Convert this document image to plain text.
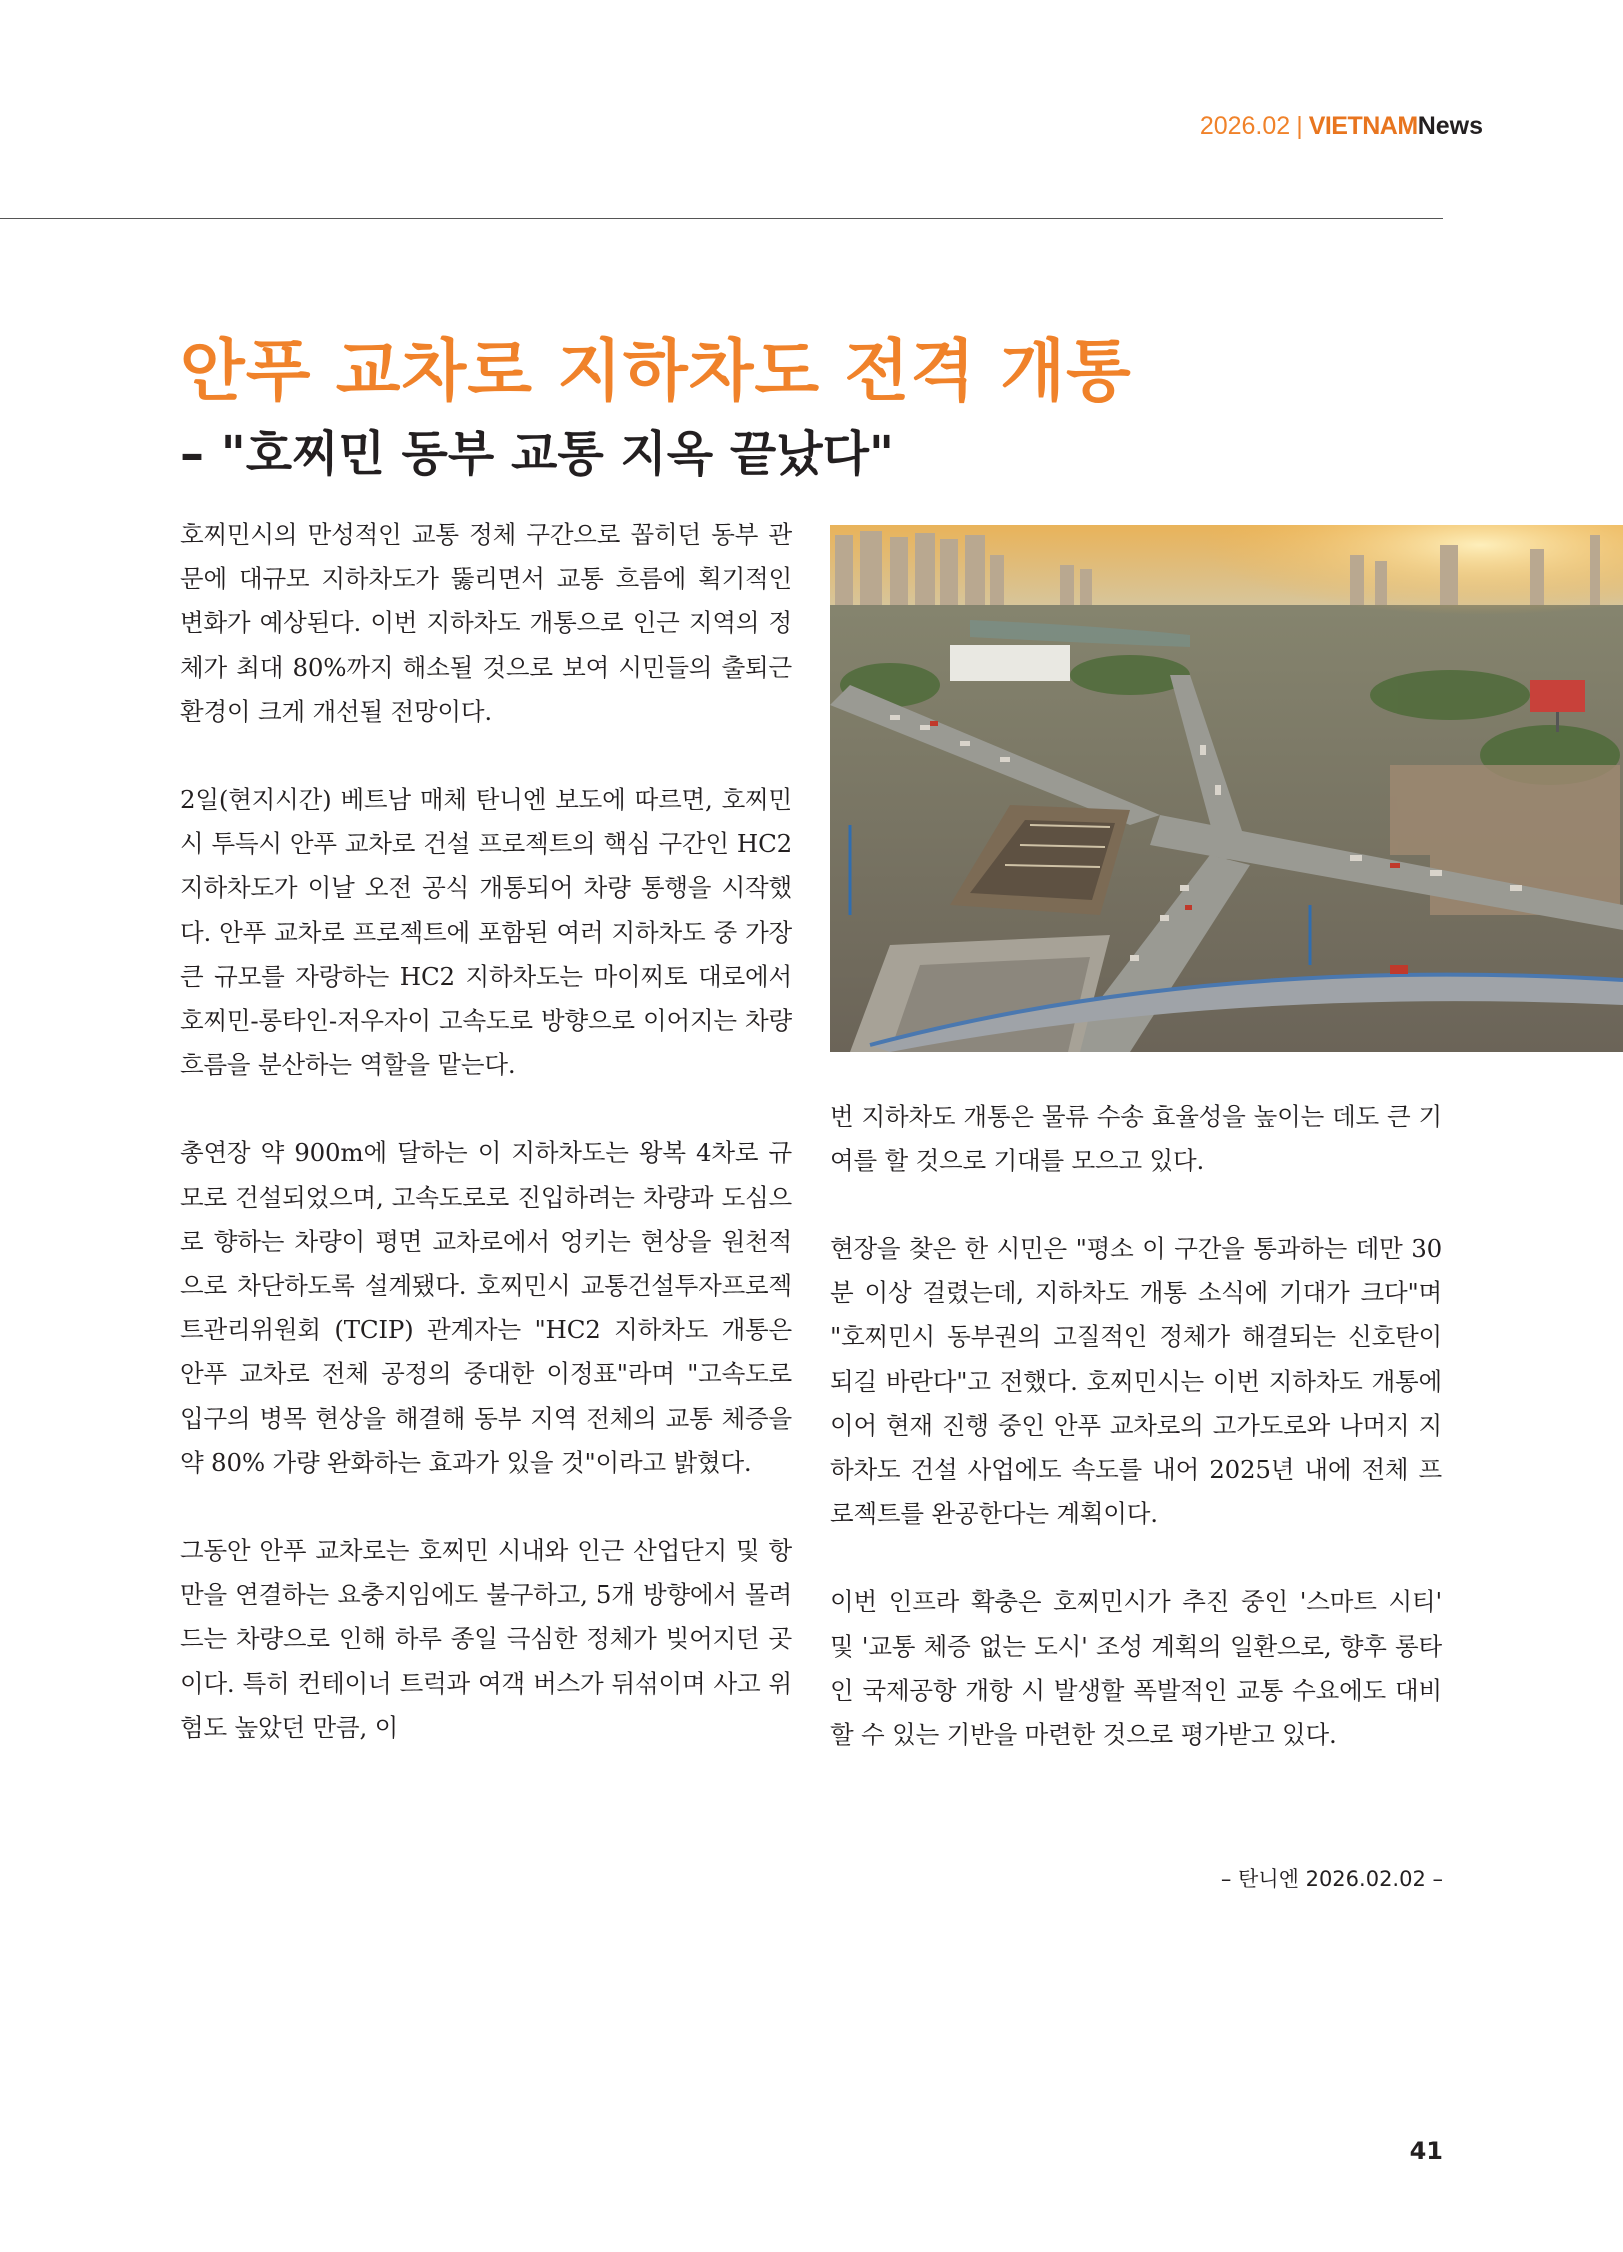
2026.02 | VIETNAMNews
안푸 교차로 지하차도 전격 개통
– "호찌민 동부 교통 지옥 끝났다"

호찌민시의 만성적인 교통 정체 구간으로 꼽히던 동부 관문에 대규모 지하차도가 뚫리면서 교통 흐름에 획기적인 변화가 예상된다. 이번 지하차도 개통으로 인근 지역의 정체가 최대 80%까지 해소될 것으로 보여 시민들의 출퇴근 환경이 크게 개선될 전망이다.

2일(현지시간) 베트남 매체 탄니엔 보도에 따르면, 호찌민시 투득시 안푸 교차로 건설 프로젝트의 핵심 구간인 HC2 지하차도가 이날 오전 공식 개통되어 차량 통행을 시작했다. 안푸 교차로 프로젝트에 포함된 여러 지하차도 중 가장 큰 규모를 자랑하는 HC2 지하차도는 마이찌토 대로에서 호찌민-롱타인-저우자이 고속도로 방향으로 이어지는 차량 흐름을 분산하는 역할을 맡는다.

총연장 약 900m에 달하는 이 지하차도는 왕복 4차로 규모로 건설되었으며, 고속도로로 진입하려는 차량과 도심으로 향하는 차량이 평면 교차로에서 엉키는 현상을 원천적으로 차단하도록 설계됐다. 호찌민시 교통건설투자프로젝트관리위원회 (TCIP) 관계자는 "HC2 지하차도 개통은 안푸 교차로 전체 공정의 중대한 이정표"라며 "고속도로 입구의 병목 현상을 해결해 동부 지역 전체의 교통 체증을 약 80% 가량 완화하는 효과가 있을 것"이라고 밝혔다.

그동안 안푸 교차로는 호찌민 시내와 인근 산업단지 및 항만을 연결하는 요충지임에도 불구하고, 5개 방향에서 몰려드는 차량으로 인해 하루 종일 극심한 정체가 빚어지던 곳이다. 특히 컨테이너 트럭과 여객 버스가 뒤섞이며 사고 위험도 높았던 만큼, 이

번 지하차도 개통은 물류 수송 효율성을 높이는 데도 큰 기여를 할 것으로 기대를 모으고 있다.

현장을 찾은 한 시민은 "평소 이 구간을 통과하는 데만 30분 이상 걸렸는데, 지하차도 개통 소식에 기대가 크다"며 "호찌민시 동부권의 고질적인 정체가 해결되는 신호탄이 되길 바란다"고 전했다. 호찌민시는 이번 지하차도 개통에 이어 현재 진행 중인 안푸 교차로의 고가도로와 나머지 지하차도 건설 사업에도 속도를 내어 2025년 내에 전체 프로젝트를 완공한다는 계획이다.

이번 인프라 확충은 호찌민시가 추진 중인 '스마트 시티' 및 '교통 체증 없는 도시' 조성 계획의 일환으로, 향후 롱타인 국제공항 개항 시 발생할 폭발적인 교통 수요에도 대비할 수 있는 기반을 마련한 것으로 평가받고 있다.

– 탄니엔 2026.02.02 –
41
